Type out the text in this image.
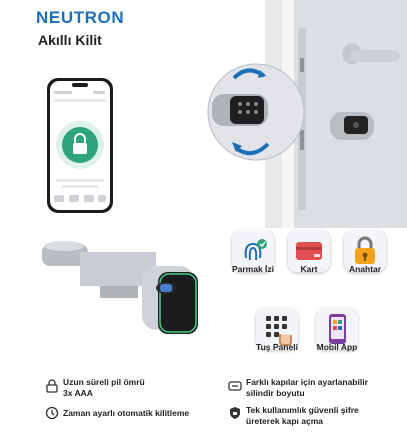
NEUTRON
Akıllı Kilit
Parmak İzi	Kart	Anahtar
Tuş Paneli	Mobil App
Uzun süreli pil ömrü
3x AAA
Farklı kapılar için ayarlanabilir
silindir boyutu
Zaman ayarlı otomatik kilitleme	Tek kullanımlık güvenli şifre
üreterek kapı açma
